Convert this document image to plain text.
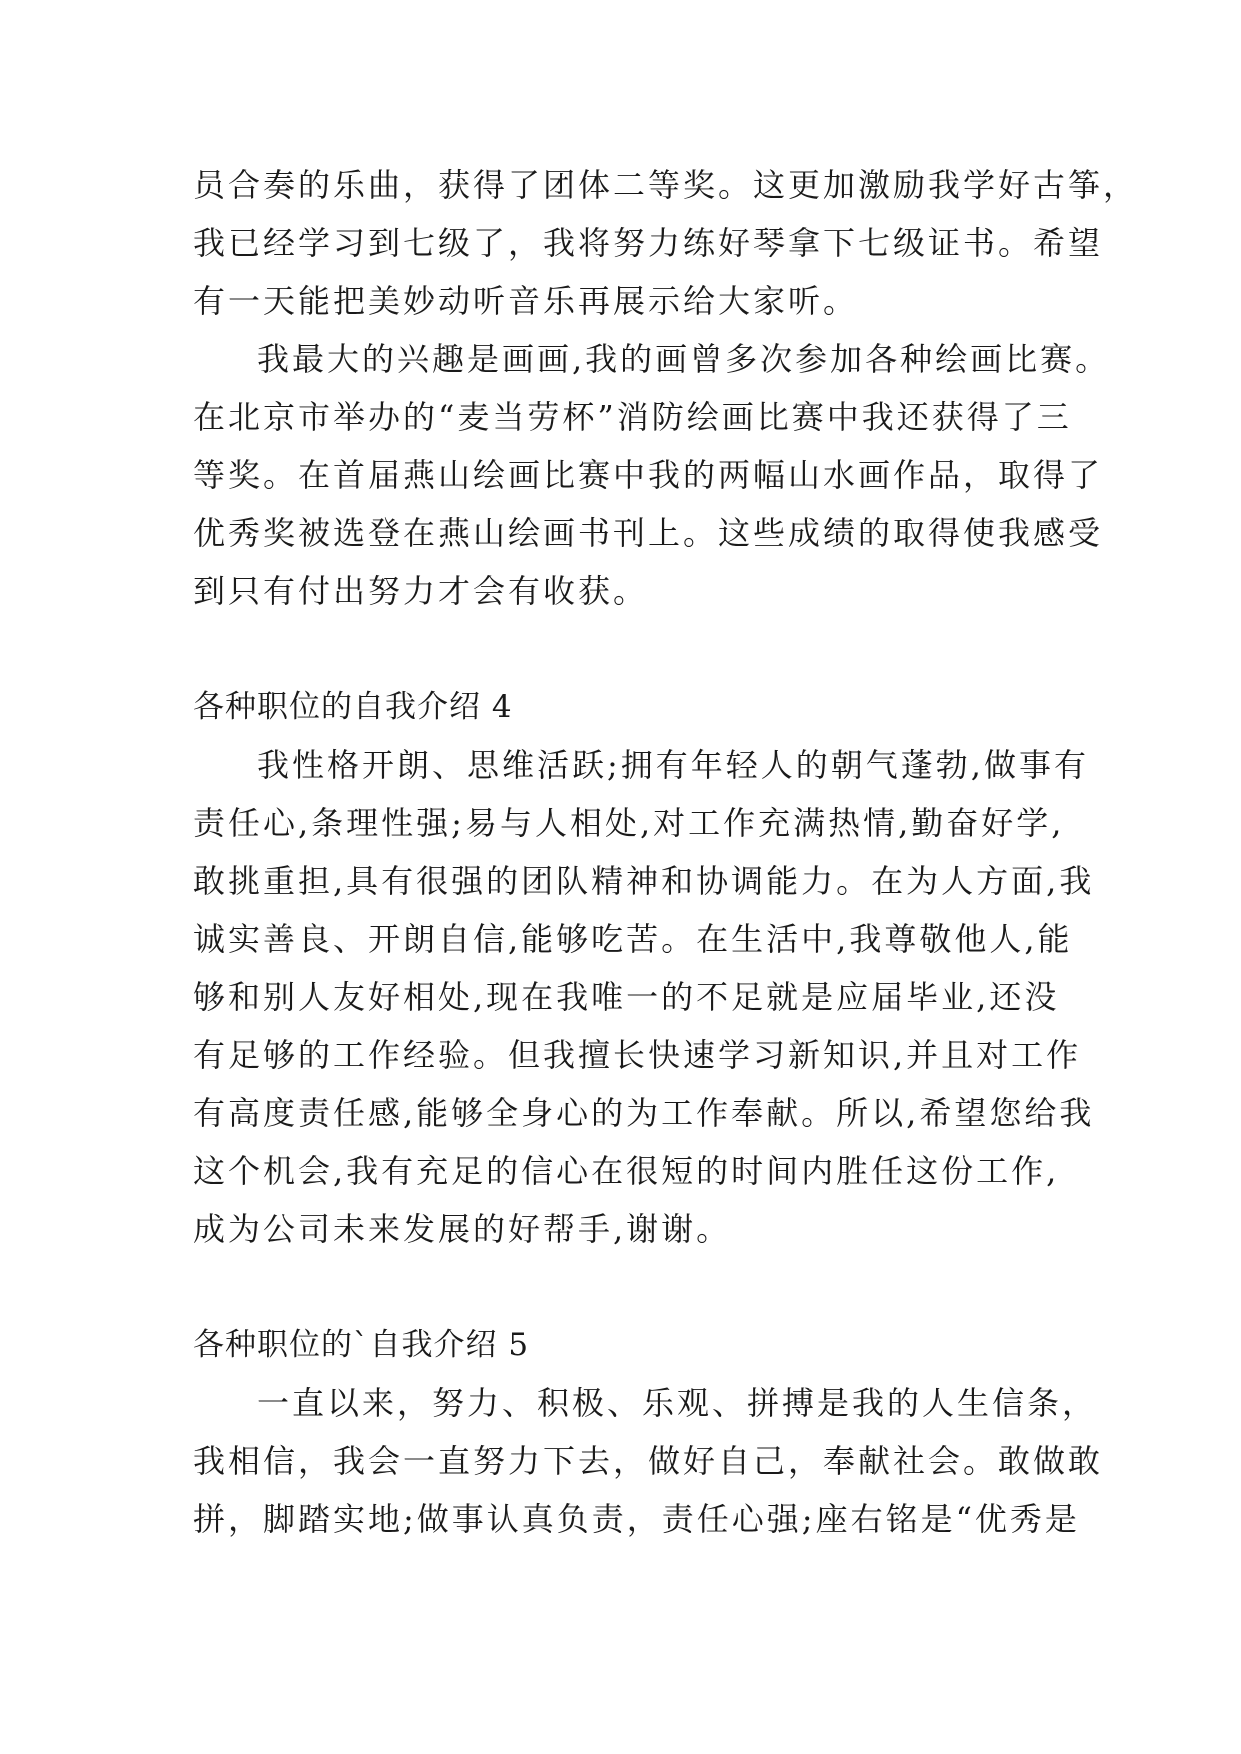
员合奏的乐曲，获得了团体二等奖。这更加激励我学好古筝，
我已经学习到七级了，我将努力练好琴拿下七级证书。希望
有一天能把美妙动听音乐再展示给大家听。
我最大的兴趣是画画,我的画曾多次参加各种绘画比赛。
在北京市举办的“麦当劳杯”消防绘画比赛中我还获得了三
等奖。在首届燕山绘画比赛中我的两幅山水画作品，取得了
优秀奖被选登在燕山绘画书刊上。这些成绩的取得使我感受
到只有付出努力才会有收获。
各种职位的自我介绍 4
我性格开朗、思维活跃;拥有年轻人的朝气蓬勃,做事有
责任心,条理性强;易与人相处,对工作充满热情,勤奋好学,
敢挑重担,具有很强的团队精神和协调能力。在为人方面,我
诚实善良、开朗自信,能够吃苦。在生活中,我尊敬他人,能
够和别人友好相处,现在我唯一的不足就是应届毕业,还没
有足够的工作经验。但我擅长快速学习新知识,并且对工作
有高度责任感,能够全身心的为工作奉献。所以,希望您给我
这个机会,我有充足的信心在很短的时间内胜任这份工作,
成为公司未来发展的好帮手,谢谢。
各种职位的`自我介绍 5
一直以来，努力、积极、乐观、拼搏是我的人生信条，
我相信，我会一直努力下去，做好自己，奉献社会。敢做敢
拼，脚踏实地;做事认真负责，责任心强;座右铭是“优秀是
